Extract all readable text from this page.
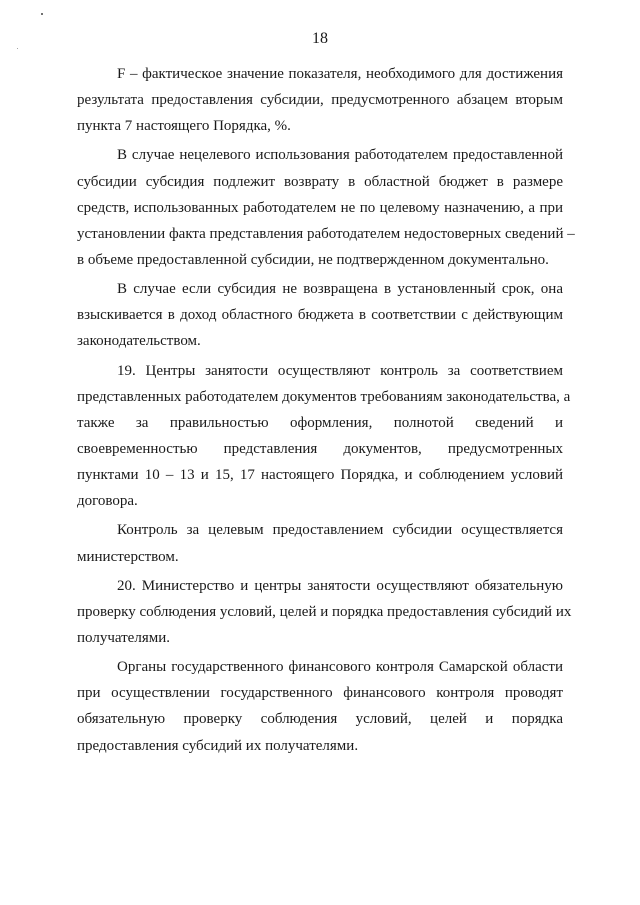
18
F – фактическое значение показателя, необходимого для достижения
результата предоставления субсидии, предусмотренного абзацем вторым
пункта 7 настоящего Порядка, %.
В случае нецелевого использования работодателем предоставленной
субсидии субсидия подлежит возврату в областной бюджет в размере
средств, использованных работодателем не по целевому назначению, а при
установлении факта представления работодателем недостоверных сведений –
в объеме предоставленной субсидии, не подтвержденном документально.
В случае если субсидия не возвращена в установленный срок, она
взыскивается в доход областного бюджета в соответствии с действующим
законодательством.
19. Центры занятости осуществляют контроль за соответствием
представленных работодателем документов требованиям законодательства, а
также за правильностью оформления, полнотой сведений и
своевременностью представления документов, предусмотренных
пунктами 10 – 13 и 15, 17 настоящего Порядка, и соблюдением условий
договора.
Контроль за целевым предоставлением субсидии осуществляется
министерством.
20. Министерство и центры занятости осуществляют обязательную
проверку соблюдения условий, целей и порядка предоставления субсидий их
получателями.
Органы государственного финансового контроля Самарской области
при осуществлении государственного финансового контроля проводят
обязательную проверку соблюдения условий, целей и порядка
предоставления субсидий их получателями.
